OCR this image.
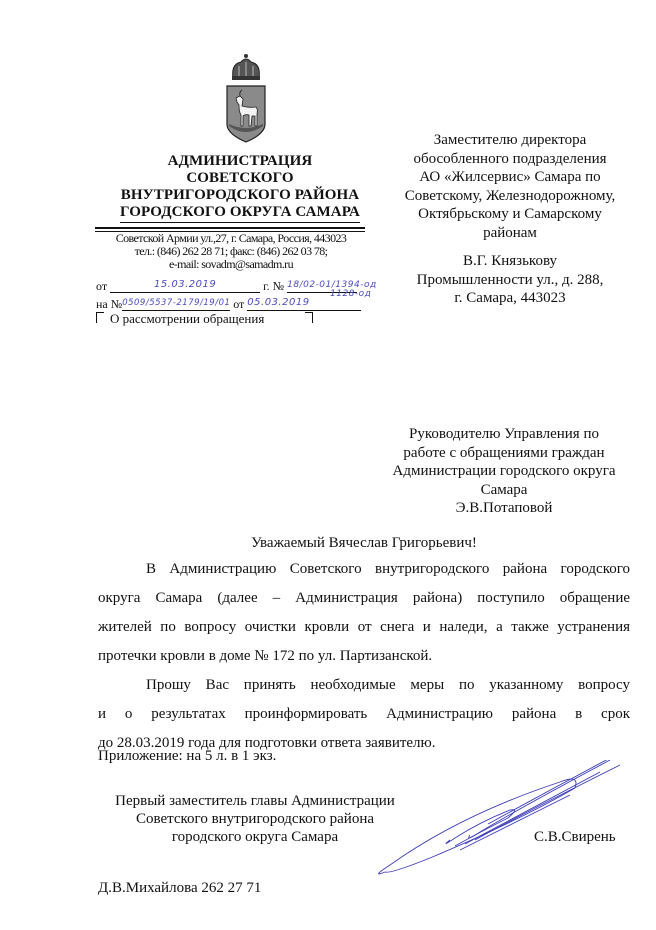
АДМИНИСТРАЦИЯ
СОВЕТСКОГО
ВНУТРИГОРОДСКОГО РАЙОНА
ГОРОДСКОГО ОКРУГА САМАРА
Советской Армии ул.,27, г. Самара, Россия, 443023
тел.: (846) 262 28 71; факс: (846) 262 03 78;
e-mail: sovadm@samadm.ru
от	15.03.2019	г. № 18/02-01/1394-од
на №0509/5537-2179/19/01 от 05.03.2019
1128-од
О рассмотрении обращения
Заместителю директора
обособленного подразделения
АО «Жилсервис» Самара по
Советскому, Железнодорожному,
Октябрьскому и Самарскому
районам
В.Г. Князькову
Промышленности ул., д. 288,
г. Самара, 443023
Руководителю Управления по
работе с обращениями граждан
Администрации городского округа
Самара
Э.В.Потаповой
Уважаемый Вячеслав Григорьевич!

В Администрацию Советского внутригородского района городского

округа Самара (далее – Администрация района) поступило обращение
жителей по вопросу очистки кровли от снега и наледи, а также устранения
протечки кровли в доме № 172 по ул. Партизанской.

Прошу Вас принять необходимые меры по указанному вопросу

и о результатах проинформировать Администрацию района в срок
до 28.03.2019 года для подготовки ответа заявителю.
Приложение: на 5 л. в 1 экз.
Первый заместитель главы Администрации
Советского внутригородского района
городского округа Самара	С.В.Свирень
Д.В.Михайлова 262 27 71
